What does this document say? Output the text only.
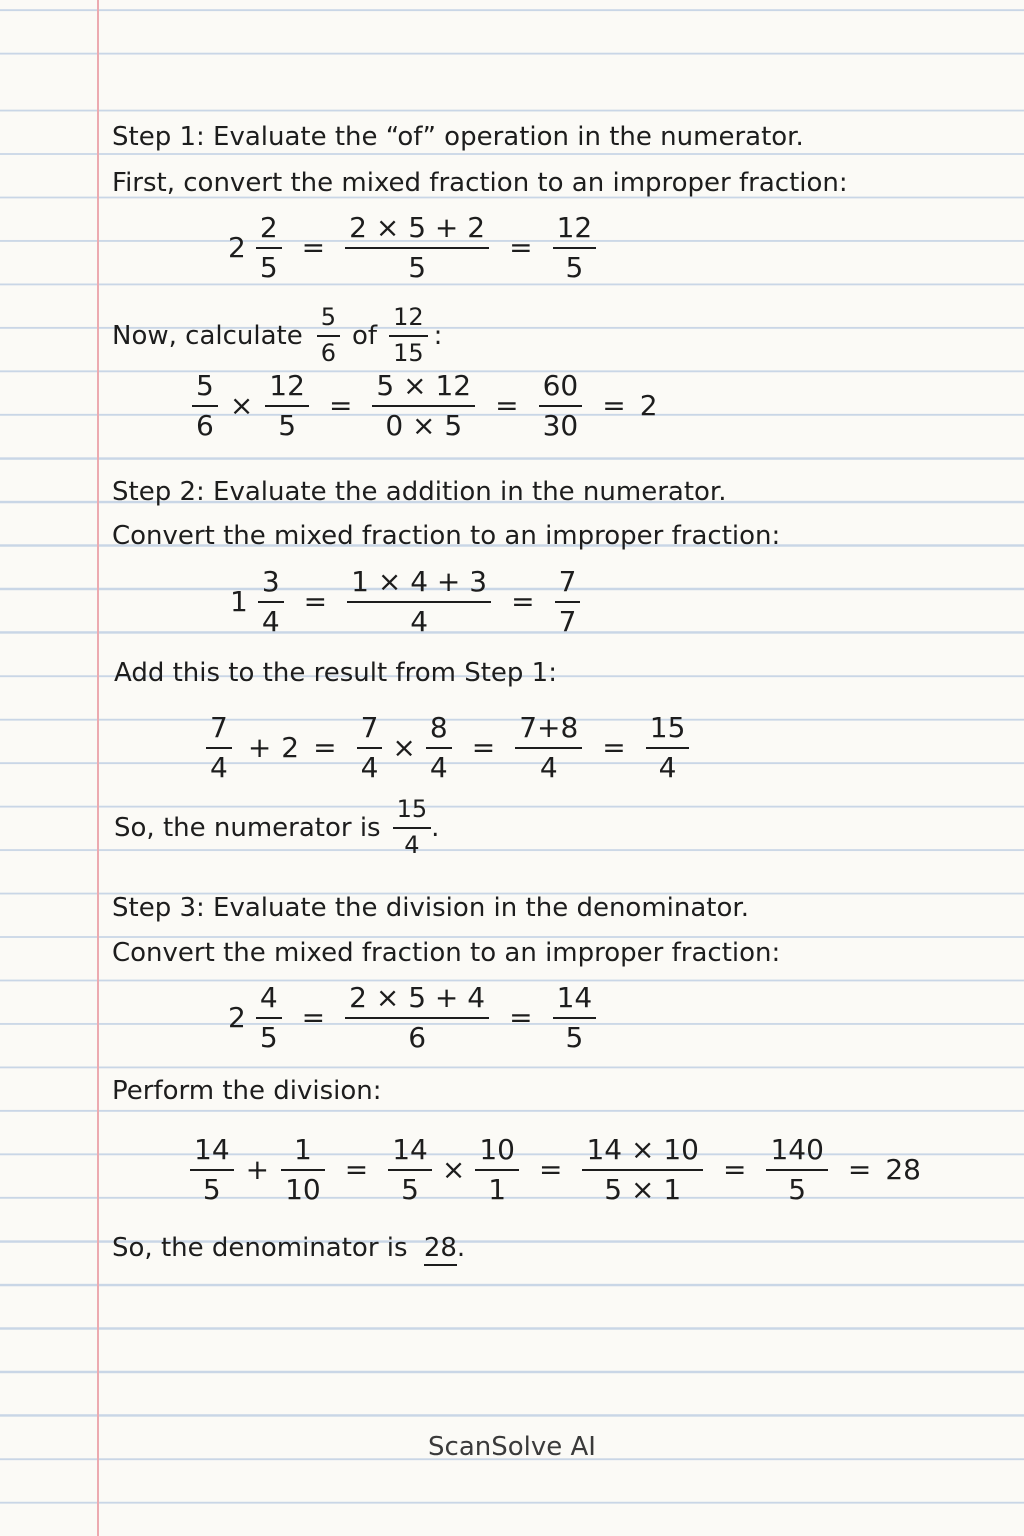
Step 1: Evaluate the “of” operation in the numerator.
First, convert the mixed fraction to an improper fraction:
$2 \frac{2}{5} = \frac{2 \times 5 + 2}{5} = \frac{12}{5}$
Now, calculate $\frac{5}{6}$ of $\frac{12}{15}$ :
$\frac{5}{6} \times \frac{12}{5} = \frac{5 \times 12}{0 \times 5} = \frac{60}{30} = 2$
Step 2: Evaluate the addition in the numerator.
Convert the mixed fraction to an improper fraction:
$1 \frac{3}{4} = \frac{1 \times 4 + 3}{4} = \frac{7}{7}$
Add this to the result from Step 1:
$\frac{7}{4} + 2 = \frac{7}{4} \times \frac{8}{4} = \frac{7+8}{4} = \frac{15}{4}$
So, the numerator is $\frac{15}{4}$ .
Step 3: Evaluate the division in the denominator.
Convert the mixed fraction to an improper fraction:
$2 \frac{4}{5} = \frac{2 \times 5 + 4}{6} = \frac{14}{5}$
Perform the division:
$\frac{14}{5} + \frac{1}{10} = \frac{14}{5} \times \frac{10}{1} = \frac{14 \times 10}{5 \times 1} = \frac{140}{5} = 28$
So, the denominator is 28.
ScanSolve AI
